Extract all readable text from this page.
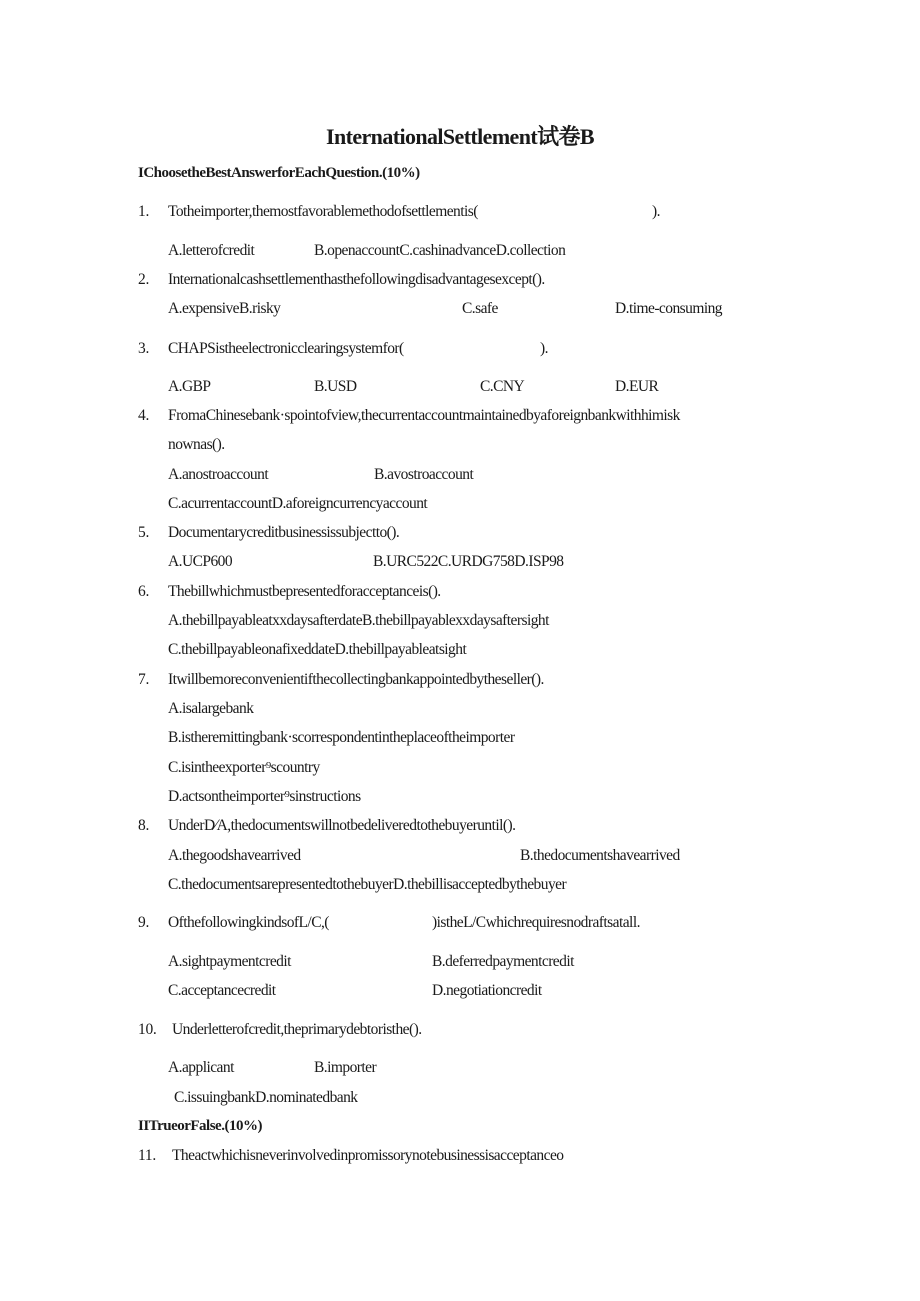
InternationalSettlement试卷B
IChoosetheBestAnswerforEachQuestion.(10%)
1. Totheimporter,themostfavorablemethodofsettlementis(	).
A.letterofcredit	B.openaccountC.cashinadvanceD.collection
2. Internationalcashsettlementhasthefollowingdisadvantagesexcept().
A.expensiveB.risky	C.safe	D.time-consuming
3. CHAPSistheelectronicclearingsystemfor(	).
A.GBP	B.USD	C.CNY	D.EUR
4. FromaChinesebank·spointofview,thecurrentaccountmaintainedbyaforeignbankwithhimisk
nownas().
A.anostroaccount	B.avostroaccount
C.acurrentaccountD.aforeigncurrencyaccount
5. Documentarycreditbusinessissubjectto().
A.UCP600	B.URC522C.URDG758D.ISP98
6. Thebillwhichmustbepresentedforacceptanceis().
A.thebillpayableatxxdaysafterdateB.thebillpayablexxdaysaftersight
C.thebillpayableonafixeddateD.thebillpayableatsight
7. Itwillbemoreconvenientifthecollectingbankappointedbytheseller().
A.isalargebank
B.istheremittingbank·scorrespondentintheplaceoftheimporter
C.isintheexporter⁹scountry
D.actsontheimporter⁹sinstructions
8. UnderD⁄A,thedocumentswillnotbedeliveredtothebuyeruntil().
A.thegoodshavearrived	B.thedocumentshavearrived
C.thedocumentsarepresentedtothebuyerD.thebillisacceptedbythebuyer
9. OfthefollowingkindsofL/C,(	)istheL/Cwhichrequiresnodraftsatall.
A.sightpaymentcredit	B.deferredpaymentcredit
C.acceptancecredit	D.negotiationcredit
10. Underletterofcredit,theprimarydebtoristhe().
A.applicant	B.importer
C.issuingbankD.nominatedbank
IITrueorFalse.(10%)
11. Theactwhichisneverinvolvedinpromissorynotebusinessisacceptanceo
